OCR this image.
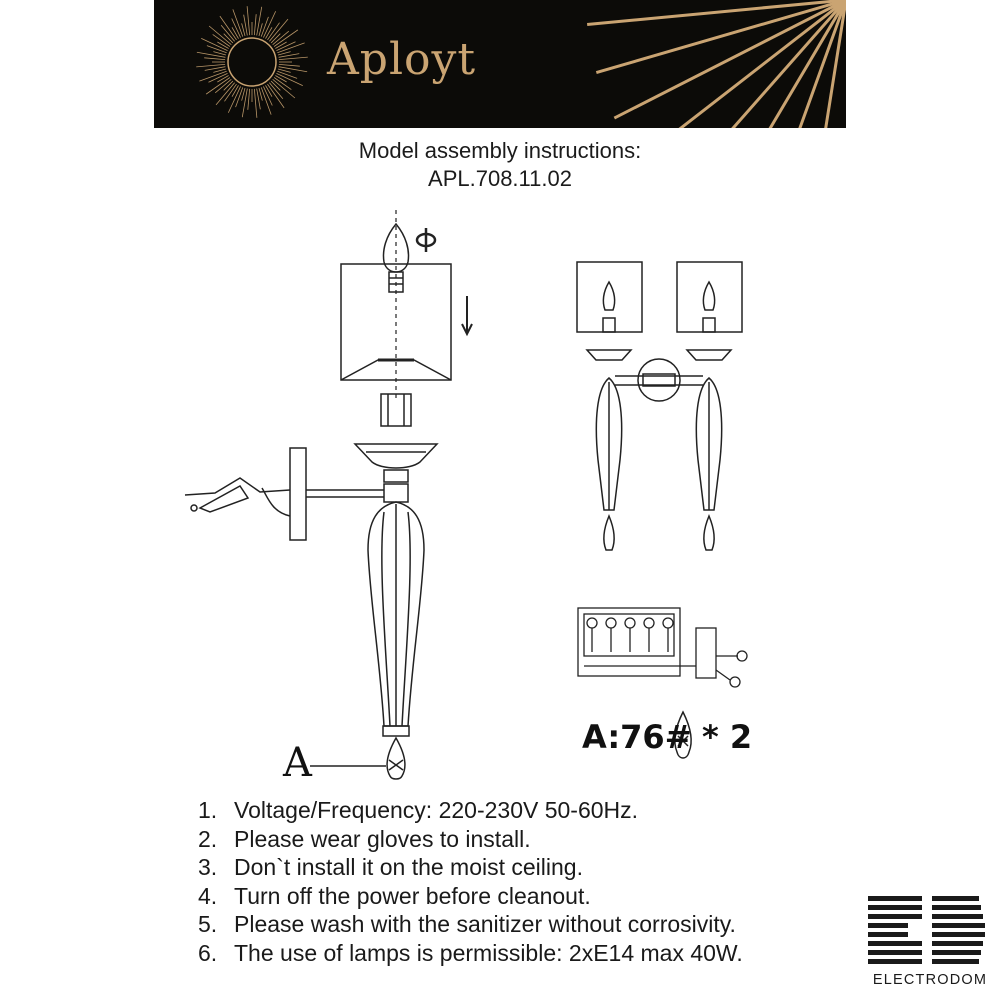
Aployt
Model assembly instructions:
APL.708.11.02
A
A:76# * 2
1. Voltage/Frequency: 220-230V 50-60Hz.
2. Please wear gloves to install.
3. Don`t install it on the moist ceiling.
4. Turn off the power before cleanout.
5. Please wash with the sanitizer without corrosivity.
6. The use of lamps is permissible: 2xE14 max 40W.
ELECTRODOM
